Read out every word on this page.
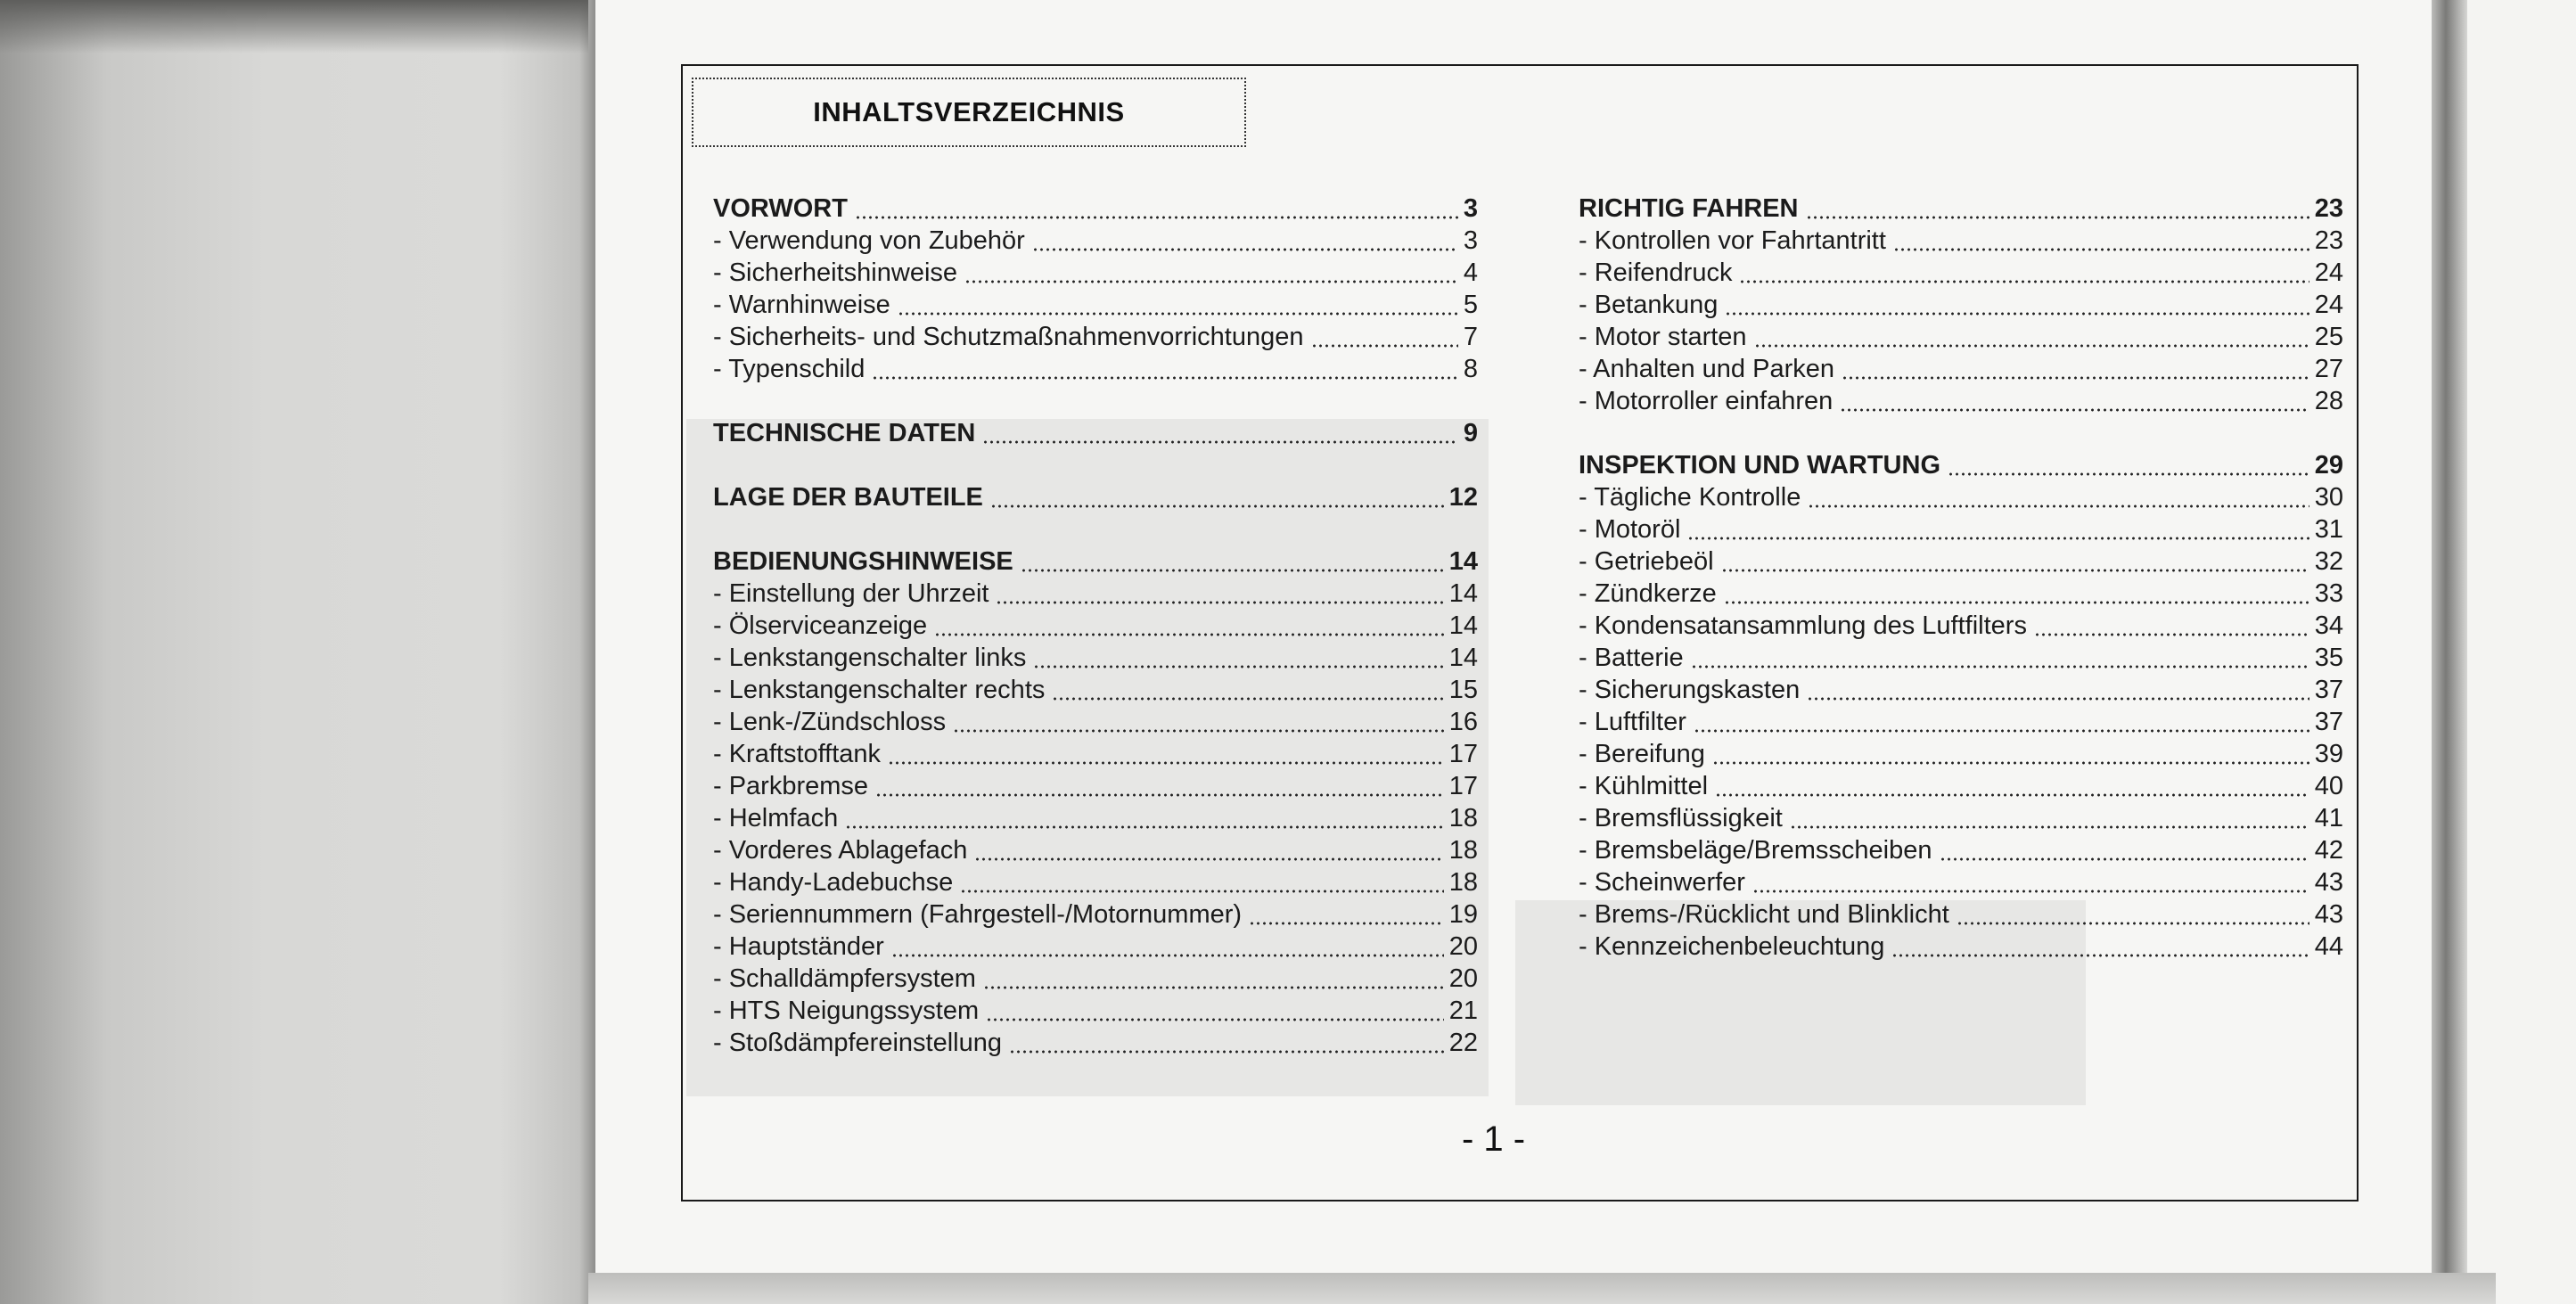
INHALTSVERZEICHNIS
VORWORT	3
- Verwendung von Zubehör	3
- Sicherheitshinweise	4
- Warnhinweise	5
- Sicherheits- und Schutzmaßnahmenvorrichtungen	7
- Typenschild	8
TECHNISCHE DATEN	9
LAGE DER BAUTEILE	12
BEDIENUNGSHINWEISE	14
- Einstellung der Uhrzeit	14
- Ölserviceanzeige	14
- Lenkstangenschalter links	14
- Lenkstangenschalter rechts	15
- Lenk-/Zündschloss	16
- Kraftstofftank	17
- Parkbremse	17
- Helmfach	18
- Vorderes Ablagefach	18
- Handy-Ladebuchse	18
- Seriennummern (Fahrgestell-/Motornummer)	19
- Hauptständer	20
- Schalldämpfersystem	20
- HTS Neigungssystem	21
- Stoßdämpfereinstellung	22
RICHTIG FAHREN	23
- Kontrollen vor Fahrtantritt	23
- Reifendruck	24
- Betankung	24
- Motor starten	25
- Anhalten und Parken	27
- Motorroller einfahren	28
INSPEKTION UND WARTUNG	29
- Tägliche Kontrolle	30
- Motoröl	31
- Getriebeöl	32
- Zündkerze	33
- Kondensatansammlung des Luftfilters	34
- Batterie	35
- Sicherungskasten	37
- Luftfilter	37
- Bereifung	39
- Kühlmittel	40
- Bremsflüssigkeit	41
- Bremsbeläge/Bremsscheiben	42
- Scheinwerfer	43
- Brems-/Rücklicht und Blinklicht	43
- Kennzeichenbeleuchtung	44
- 1 -
